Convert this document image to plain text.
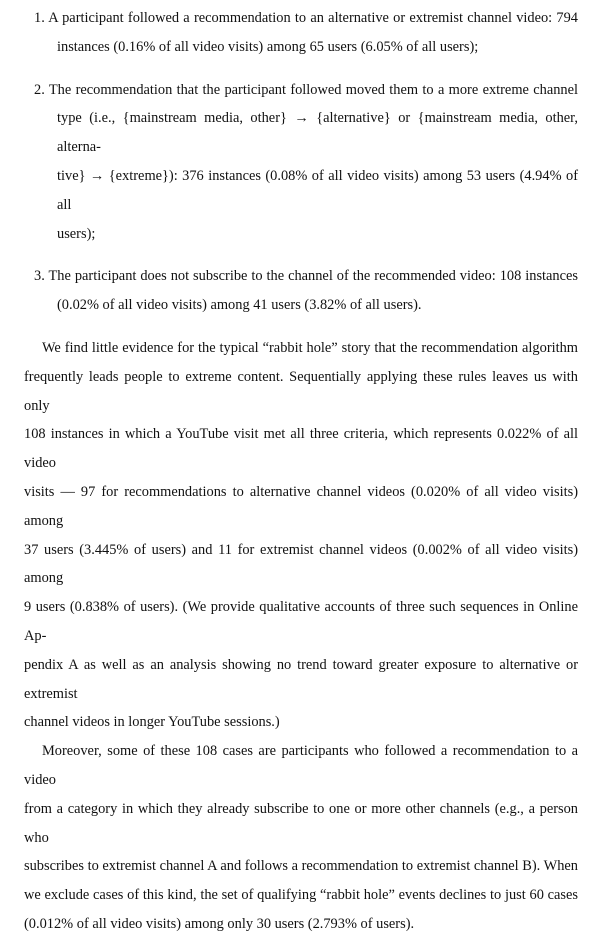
1. A participant followed a recommendation to an alternative or extremist channel video: 794
instances (0.16% of all video visits) among 65 users (6.05% of all users);
2. The recommendation that the participant followed moved them to a more extreme channel
type (i.e., {mainstream media, other} → {alternative} or {mainstream media, other, alterna-
tive} → {extreme}): 376 instances (0.08% of all video visits) among 53 users (4.94% of all
users);
3. The participant does not subscribe to the channel of the recommended video: 108 instances
(0.02% of all video visits) among 41 users (3.82% of all users).
We find little evidence for the typical “rabbit hole” story that the recommendation algorithm
frequently leads people to extreme content. Sequentially applying these rules leaves us with only
108 instances in which a YouTube visit met all three criteria, which represents 0.022% of all video
visits — 97 for recommendations to alternative channel videos (0.020% of all video visits) among
37 users (3.445% of users) and 11 for extremist channel videos (0.002% of all video visits) among
9 users (0.838% of users). (We provide qualitative accounts of three such sequences in Online Ap-
pendix A as well as an analysis showing no trend toward greater exposure to alternative or extremist
channel videos in longer YouTube sessions.)
Moreover, some of these 108 cases are participants who followed a recommendation to a video
from a category in which they already subscribe to one or more other channels (e.g., a person who
subscribes to extremist channel A and follows a recommendation to extremist channel B). When
we exclude cases of this kind, the set of qualifying “rabbit hole” events declines to just 60 cases
(0.012% of all video visits) among only 30 users (2.793% of users).
